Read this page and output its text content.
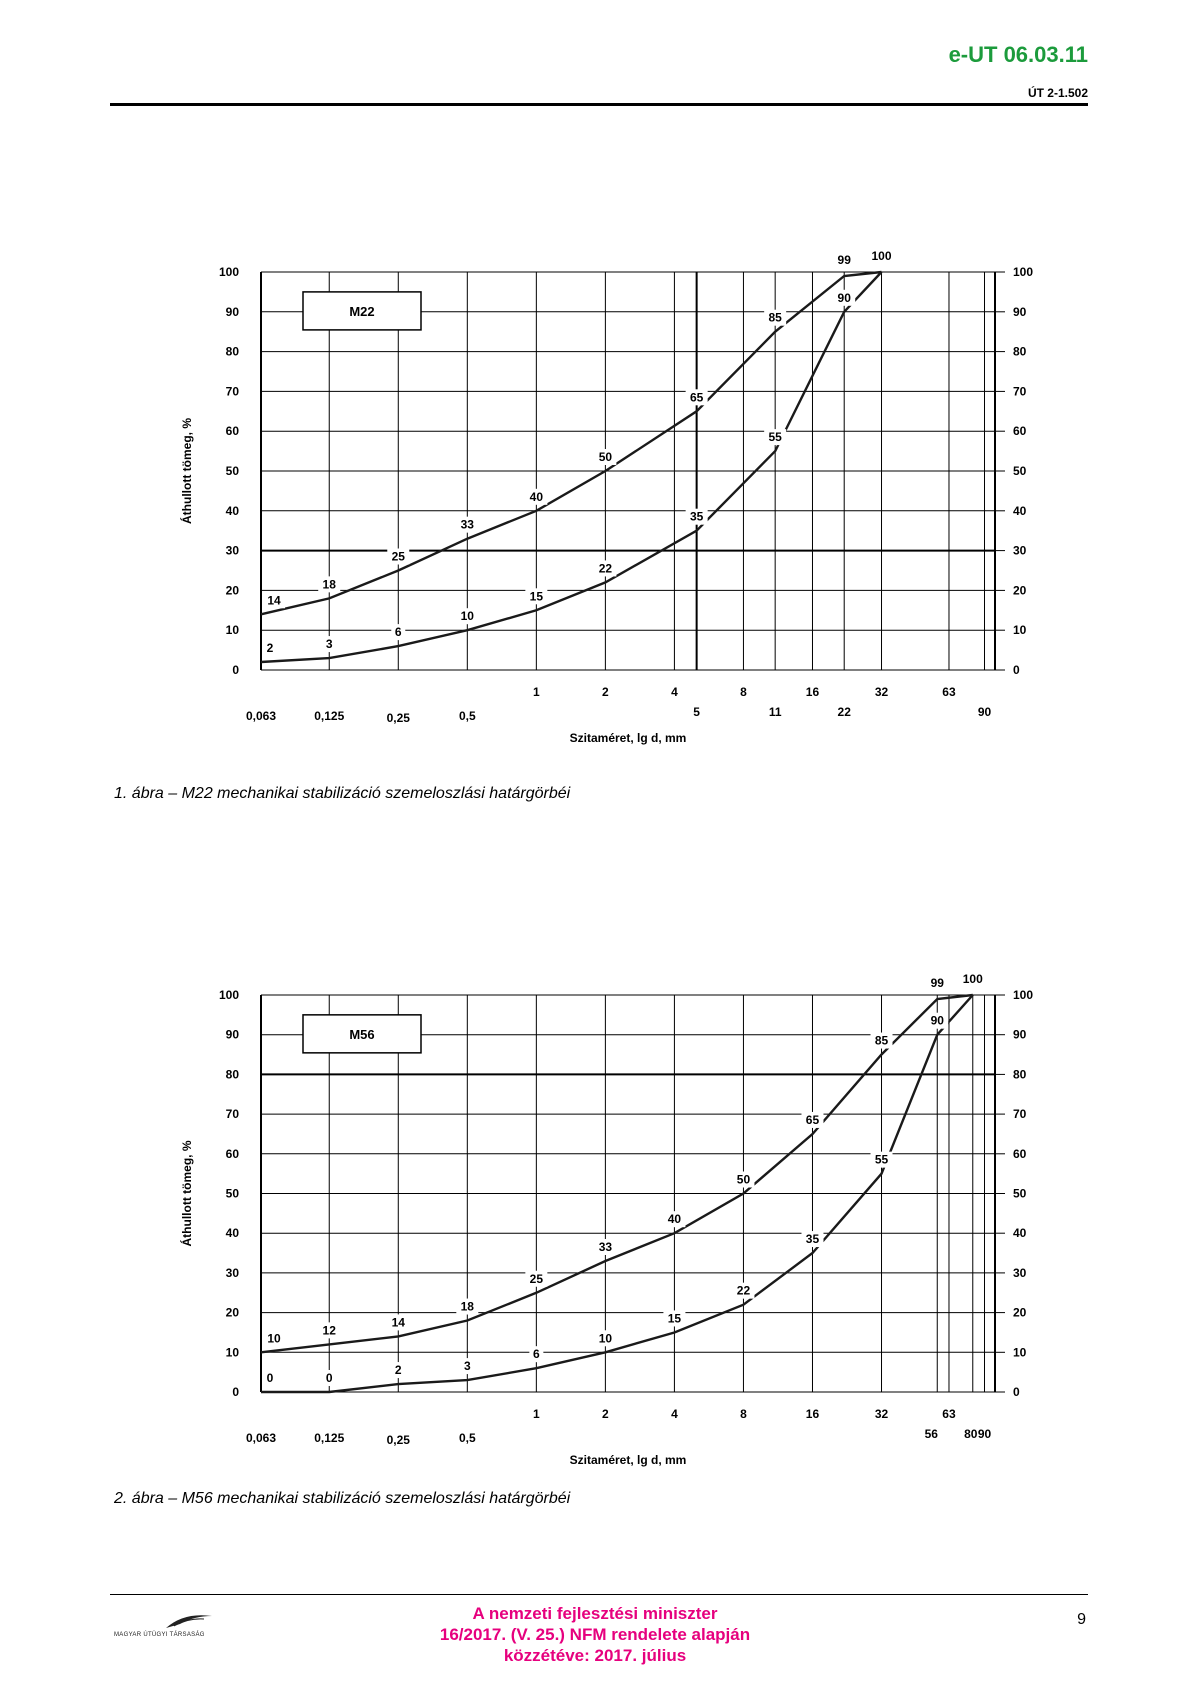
e-UT 06.03.11
ÚT 2-1.502
0	0
10	10
20	20
30	30
40	40
50	50
60	60
70	70
80	80
90	90
100	100
1	2	4	8	16	32	63
0,063	0,125	0,25	0,5	5	11	22	90
Szitaméret, lg d, mm
Áthullott tömeg, %
M22
14
18
25
33
40
50
65
85
99 100
2	3
6
10
15
22
35
55
90
1. ábra – M22 mechanikai stabilizáció szemeloszlási határgörbéi
0	0
10	10
20	20
30	30
40	40
50	50
60	60
70	70
80	80
90	90
100	100
1	2	4	8	16	32	63
0,063	0,125	0,25	0,5	56 80 90
Szitaméret, lg d, mm
Áthullott tömeg, %
M56
10
12
14
18
25
33
40
50
65
85
99 100
0	0
2	3
6
10
15
22
35
55
90
2. ábra – M56 mechanikai stabilizáció szemeloszlási határgörbéi
MAGYAR ÚTÜGYI TÁRSASÁG
A nemzeti fejlesztési miniszter
16/2017. (V. 25.) NFM rendelete alapján
közzétéve: 2017. július
9
